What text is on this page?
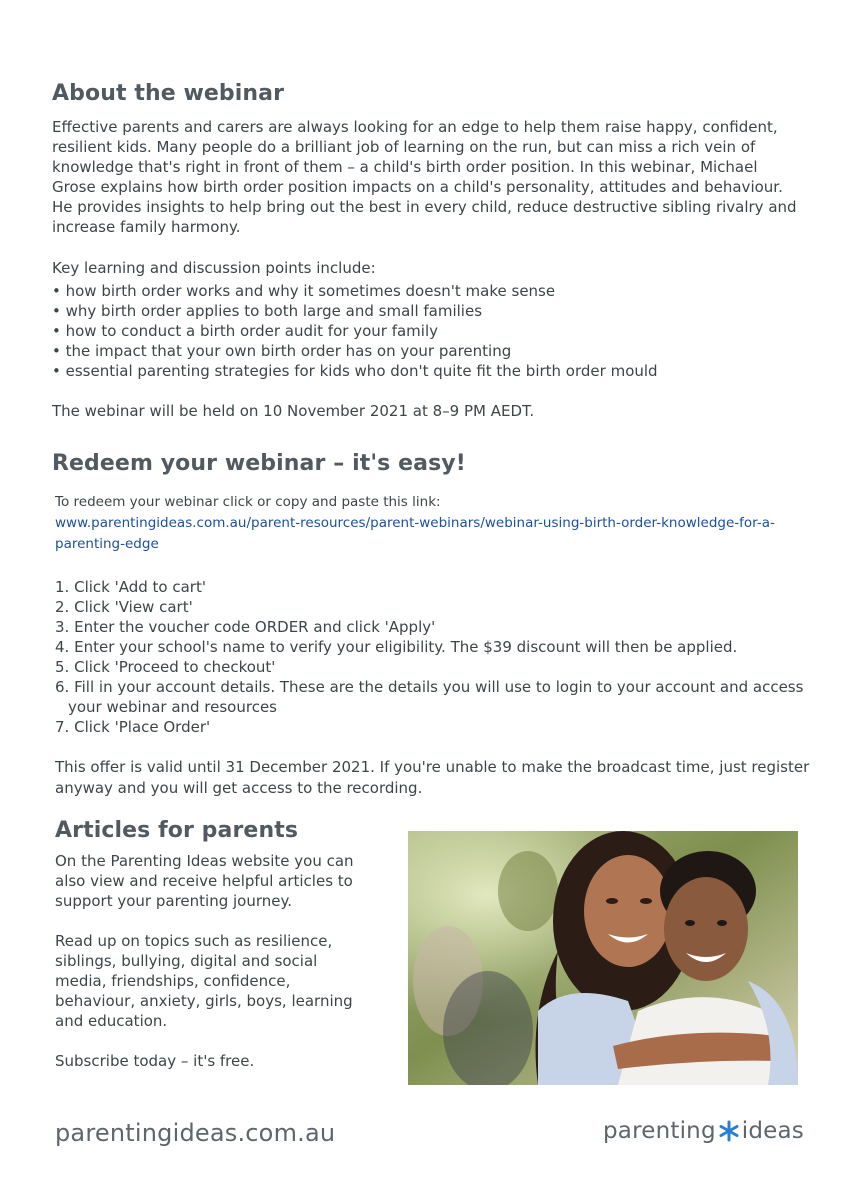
About the webinar
Effective parents and carers are always looking for an edge to help them raise happy, confident,
resilient kids. Many people do a brilliant job of learning on the run, but can miss a rich vein of
knowledge that's right in front of them – a child's birth order position. In this webinar, Michael
Grose explains how birth order position impacts on a child's personality, attitudes and behaviour.
He provides insights to help bring out the best in every child, reduce destructive sibling rivalry and
increase family harmony.
Key learning and discussion points include:
• how birth order works and why it sometimes doesn't make sense
• why birth order applies to both large and small families
• how to conduct a birth order audit for your family
• the impact that your own birth order has on your parenting
• essential parenting strategies for kids who don't quite fit the birth order mould
The webinar will be held on 10 November 2021 at 8–9 PM AEDT.
Redeem your webinar – it's easy!
To redeem your webinar click or copy and paste this link:
www.parentingideas.com.au/parent-resources/parent-webinars/webinar-using-birth-order-knowledge-for-a-
parenting-edge
1. Click 'Add to cart'
2. Click 'View cart'
3. Enter the voucher code ORDER and click 'Apply'
4. Enter your school's name to verify your eligibility. The $39 discount will then be applied.
5. Click 'Proceed to checkout'
6. Fill in your account details. These are the details you will use to login to your account and access
your webinar and resources
7. Click 'Place Order'
This offer is valid until 31 December 2021. If you're unable to make the broadcast time, just register
anyway and you will get access to the recording.
Articles for parents
On the Parenting Ideas website you can
also view and receive helpful articles to
support your parenting journey.
Read up on topics such as resilience,
siblings, bullying, digital and social
media, friendships, confidence,
behaviour, anxiety, girls, boys, learning
and education.
Subscribe today – it's free.
parentingideas.com.au	parenting ideas
